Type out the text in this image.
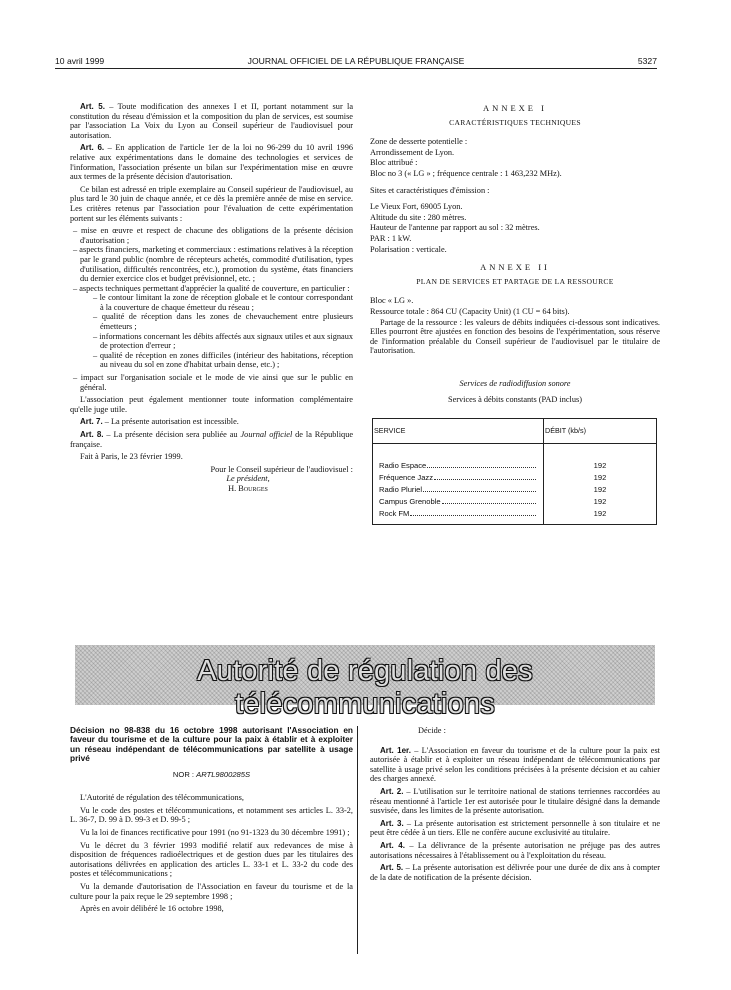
10 avril 1999	JOURNAL OFFICIEL DE LA RÉPUBLIQUE FRANÇAISE	5327

Art. 5. – Toute modification des annexes I et II, portant notamment sur la constitution du réseau d'émission et la composition du plan de services, est soumise par l'association La Voix du Lyon au Conseil supérieur de l'audiovisuel pour autorisation.

Art. 6. – En application de l'article 1er de la loi no 96-299 du 10 avril 1996 relative aux expérimentations dans le domaine des technologies et services de l'information, l'association présente un bilan sur l'expérimentation mise en œuvre aux termes de la présente décision d'autorisation.

Ce bilan est adressé en triple exemplaire au Conseil supérieur de l'audiovisuel, au plus tard le 30 juin de chaque année, et ce dès la première année de mise en service. Les critères retenus par l'association pour l'évaluation de cette expérimentation portent sur les éléments suivants :

– mise en œuvre et respect de chacune des obligations de la présente décision d'autorisation ;
– aspects financiers, marketing et commerciaux : estimations relatives à la réception par le grand public (nombre de récepteurs achetés, commodité d'utilisation, types d'utilisation, difficultés rencontrées, etc.), promotion du système, états financiers du dernier exercice clos et budget prévisionnel, etc. ;
– aspects techniques permettant d'apprécier la qualité de couverture, en particulier :
– le contour limitant la zone de réception globale et le contour correspondant à la couverture de chaque émetteur du réseau ;
– qualité de réception dans les zones de chevauchement entre plusieurs émetteurs ;
– informations concernant les débits affectés aux signaux utiles et aux signaux de protection d'erreur ;
– qualité de réception en zones difficiles (intérieur des habitations, réception au niveau du sol en zone d'habitat urbain dense, etc.) ;
– impact sur l'organisation sociale et le mode de vie ainsi que sur le public en général.

L'association peut également mentionner toute information complémentaire qu'elle juge utile.

Art. 7. – La présente autorisation est incessible.

Art. 8. – La présente décision sera publiée au Journal officiel de la République française.

Fait à Paris, le 23 février 1999.

Pour le Conseil supérieur de l'audiovisuel :
Le président,
H. Bourges
ANNEXE I
CARACTÉRISTIQUES TECHNIQUES

Zone de desserte potentielle :

Arrondissement de Lyon.

Bloc attribué :

Bloc no 3 (« LG » ; fréquence centrale : 1 463,232 MHz).

Sites et caractéristiques d'émission :

Le Vieux Fort, 69005 Lyon.

Altitude du site : 280 mètres.

Hauteur de l'antenne par rapport au sol : 32 mètres.

PAR : 1 kW.

Polarisation : verticale.

ANNEXE II
PLAN DE SERVICES ET PARTAGE DE LA RESSOURCE

Bloc « LG ».

Ressource totale : 864 CU (Capacity Unit) (1 CU = 64 bits).

Partage de la ressource : les valeurs de débits indiquées ci-dessous sont indicatives. Elles pourront être ajustées en fonction des besoins de l'expérimentation, sous réserve de l'information préalable du Conseil supérieur de l'audiovisuel par le titulaire de l'autorisation.

Services de radiodiffusion sonore

Services à débits constants (PAD inclus)

SERVICE	DÉBIT (kb/s)

Radio Espace	192

Fréquence Jazz	192

Radio Pluriel	192

Campus Grenoble	192

Rock FM	192
Autorité de régulation des télécommunications
Décision no 98-838 du 16 octobre 1998 autorisant l'Association en faveur du tourisme et de la culture pour la paix à établir et à exploiter un réseau indépendant de télécommunications par satellite à usage privé
NOR : ARTL9800285S

L'Autorité de régulation des télécommunications,

Vu le code des postes et télécommunications, et notamment ses articles L. 33-2, L. 36-7, D. 99 à D. 99-3 et D. 99-5 ;

Vu la loi de finances rectificative pour 1991 (no 91-1323 du 30 décembre 1991) ;

Vu le décret du 3 février 1993 modifié relatif aux redevances de mise à disposition de fréquences radioélectriques et de gestion dues par les titulaires des autorisations délivrées en application des articles L. 33-1 et L. 33-2 du code des postes et télécommunications ;

Vu la demande d'autorisation de l'Association en faveur du tourisme et de la culture pour la paix reçue le 29 septembre 1998 ;

Après en avoir délibéré le 16 octobre 1998,

Décide :

Art. 1er. – L'Association en faveur du tourisme et de la culture pour la paix est autorisée à établir et à exploiter un réseau indépendant de télécommunications par satellite à usage privé selon les conditions précisées à la présente décision et au cahier des charges annexé.

Art. 2. – L'utilisation sur le territoire national de stations terriennes raccordées au réseau mentionné à l'article 1er est autorisée pour le titulaire désigné dans la demande susvisée, dans les limites de la présente autorisation.

Art. 3. – La présente autorisation est strictement personnelle à son titulaire et ne peut être cédée à un tiers. Elle ne confère aucune exclusivité au titulaire.

Art. 4. – La délivrance de la présente autorisation ne préjuge pas des autres autorisations nécessaires à l'établissement ou à l'exploitation du réseau.

Art. 5. – La présente autorisation est délivrée pour une durée de dix ans à compter de la date de notification de la présente décision.
